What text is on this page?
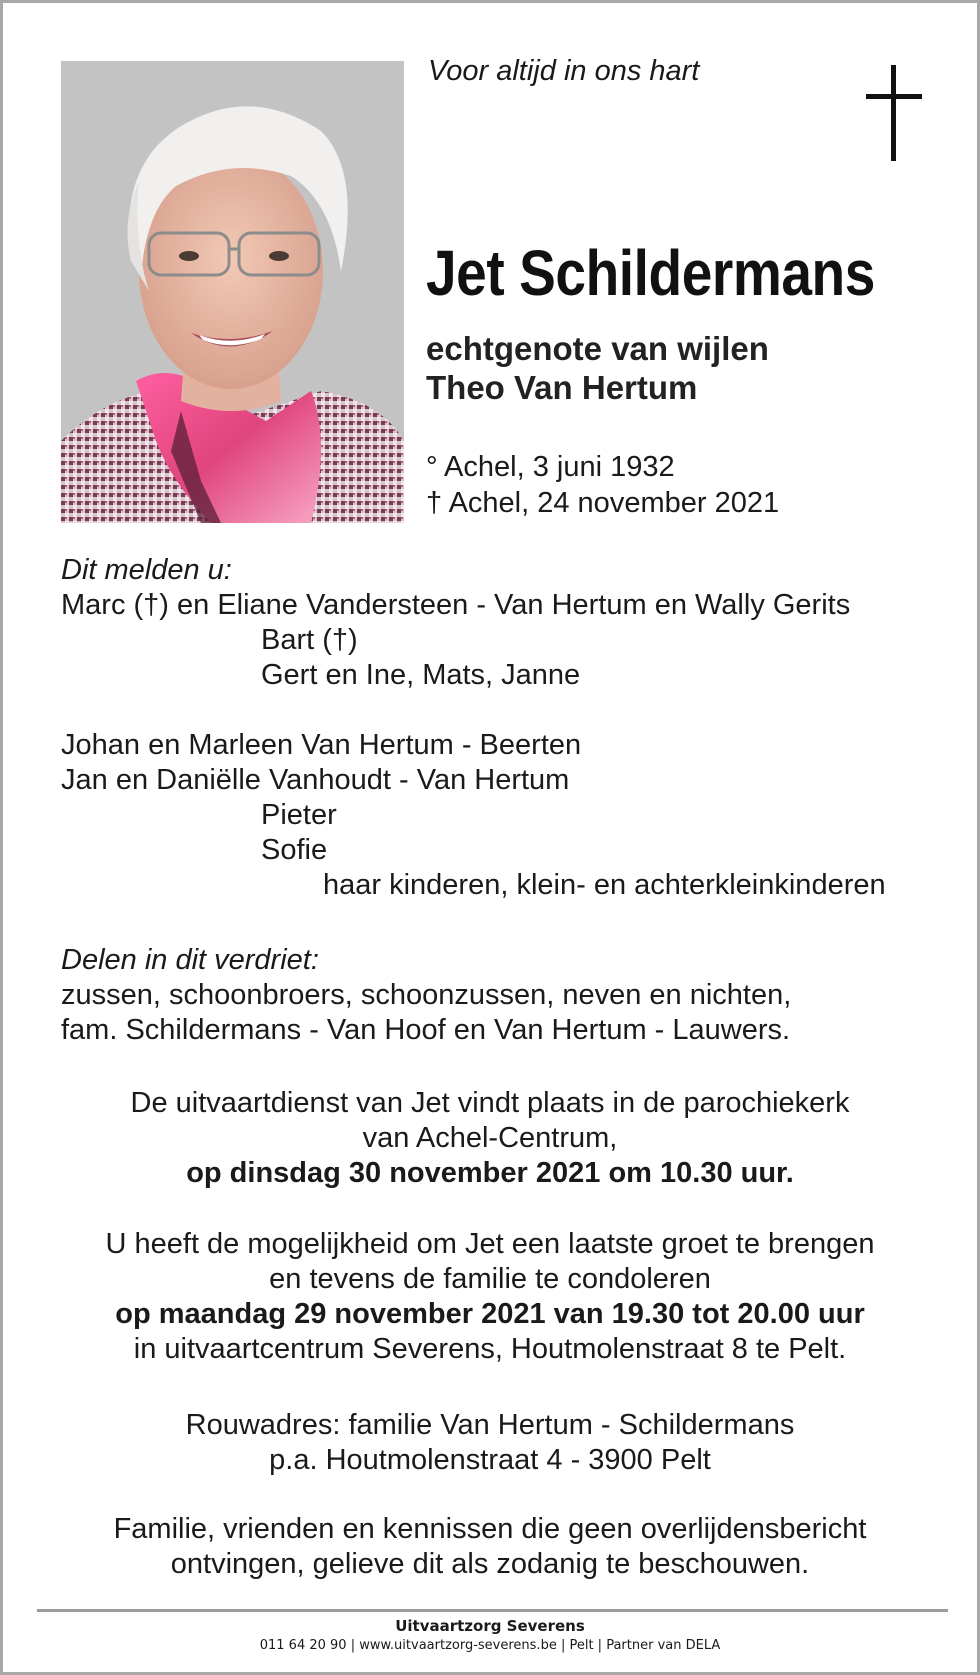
Voor altijd in ons hart
Jet Schildermans
echtgenote van wijlen
Theo Van Hertum
° Achel, 3 juni 1932
† Achel, 24 november 2021
Dit melden u:
Marc (†) en Eliane Vandersteen - Van Hertum en Wally Gerits
Bart (†)
Gert en Ine, Mats, Janne
Johan en Marleen Van Hertum - Beerten
Jan en Daniëlle Vanhoudt - Van Hertum
Pieter
Sofie
haar kinderen, klein- en achterkleinkinderen
Delen in dit verdriet:
zussen, schoonbroers, schoonzussen, neven en nichten,
fam. Schildermans - Van Hoof en Van Hertum - Lauwers.
De uitvaartdienst van Jet vindt plaats in de parochiekerk
van Achel-Centrum,
op dinsdag 30 november 2021 om 10.30 uur.
U heeft de mogelijkheid om Jet een laatste groet te brengen
en tevens de familie te condoleren
op maandag 29 november 2021 van 19.30 tot 20.00 uur
in uitvaartcentrum Severens, Houtmolenstraat 8 te Pelt.
Rouwadres: familie Van Hertum - Schildermans
p.a. Houtmolenstraat 4 - 3900 Pelt
Familie, vrienden en kennissen die geen overlijdensbericht
ontvingen, gelieve dit als zodanig te beschouwen.
Uitvaartzorg Severens
011 64 20 90 | www.uitvaartzorg-severens.be | Pelt | Partner van DELA
